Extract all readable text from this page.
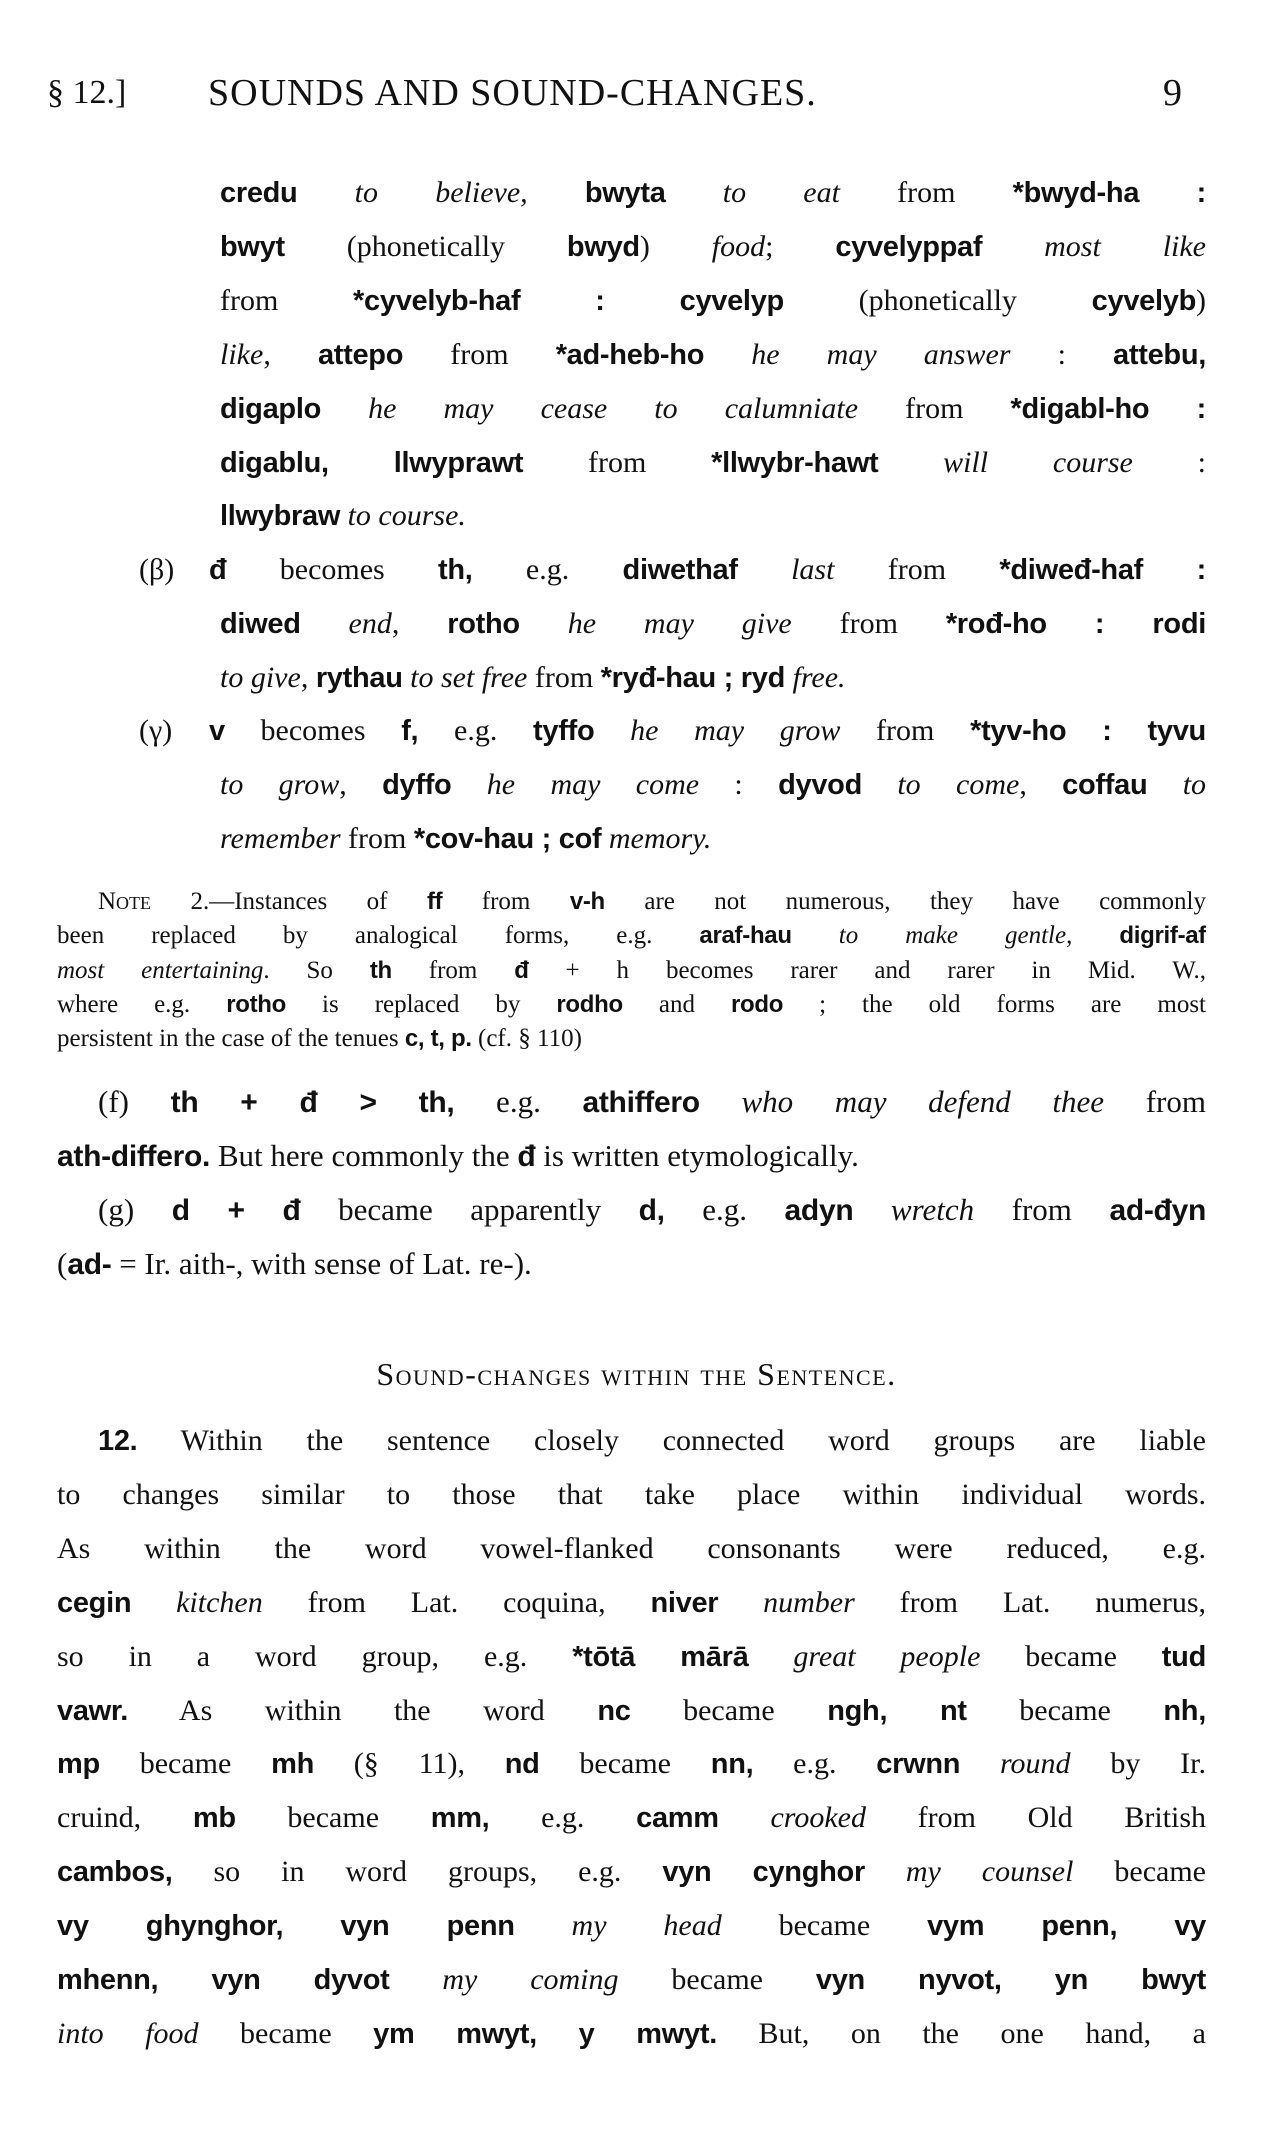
§ 12.] SOUNDS AND SOUND-CHANGES.	9
credu to believe, bwyta to eat from *bwyd-ha :
bwyt (phonetically bwyd) food; cyvelyppaf most like
from *cyvelyb-haf : cyvelyp (phonetically cyvelyb)
like, attepo from *ad-heb-ho he may answer : attebu,
digaplo he may cease to calumniate from *digabl-ho :
digablu, llwyprawt from *llwybr-hawt will course :
llwybraw to course.
(β) đ becomes th, e.g. diwethaf last from *diweđ-haf :
diwed end, rotho he may give from *rođ-ho : rodi
to give, rythau to set free from *ryđ-hau ; ryd free.
(γ) v becomes f, e.g. tyffo he may grow from *tyv-ho : tyvu
to grow, dyffo he may come : dyvod to come, coffau to
remember from *cov-hau ; cof memory.
Note 2.—Instances of ff from v-h are not numerous, they have commonly
been replaced by analogical forms, e.g. araf-hau to make gentle, digrif-af
most entertaining. So th from đ + h becomes rarer and rarer in Mid. W.,
where e.g. rotho is replaced by rodho and rodo ; the old forms are most
persistent in the case of the tenues c, t, p. (cf. § 110)
(f) th + đ > th, e.g. athiffero who may defend thee from
ath-differo. But here commonly the đ is written etymologically.
(g) d + đ became apparently d, e.g. adyn wretch from ad-đyn
(ad- = Ir. aith-, with sense of Lat. re-).
12. Within the sentence closely connected word groups are liable
to changes similar to those that take place within individual words.
As within the word vowel-flanked consonants were reduced, e.g.
cegin kitchen from Lat. coquina, niver number from Lat. numerus,
so in a word group, e.g. *tōtā mārā great people became tud
vawr. As within the word nc became ngh, nt became nh,
mp became mh (§ 11), nd became nn, e.g. crwnn round by Ir.
cruind, mb became mm, e.g. camm crooked from Old British
cambos, so in word groups, e.g. vyn cynghor my counsel became
vy ghynghor, vyn penn my head became vym penn, vy
mhenn, vyn dyvot my coming became vyn nyvot, yn bwyt
into food became ym mwyt, y mwyt. But, on the one hand, a
Sound-changes within the Sentence.
